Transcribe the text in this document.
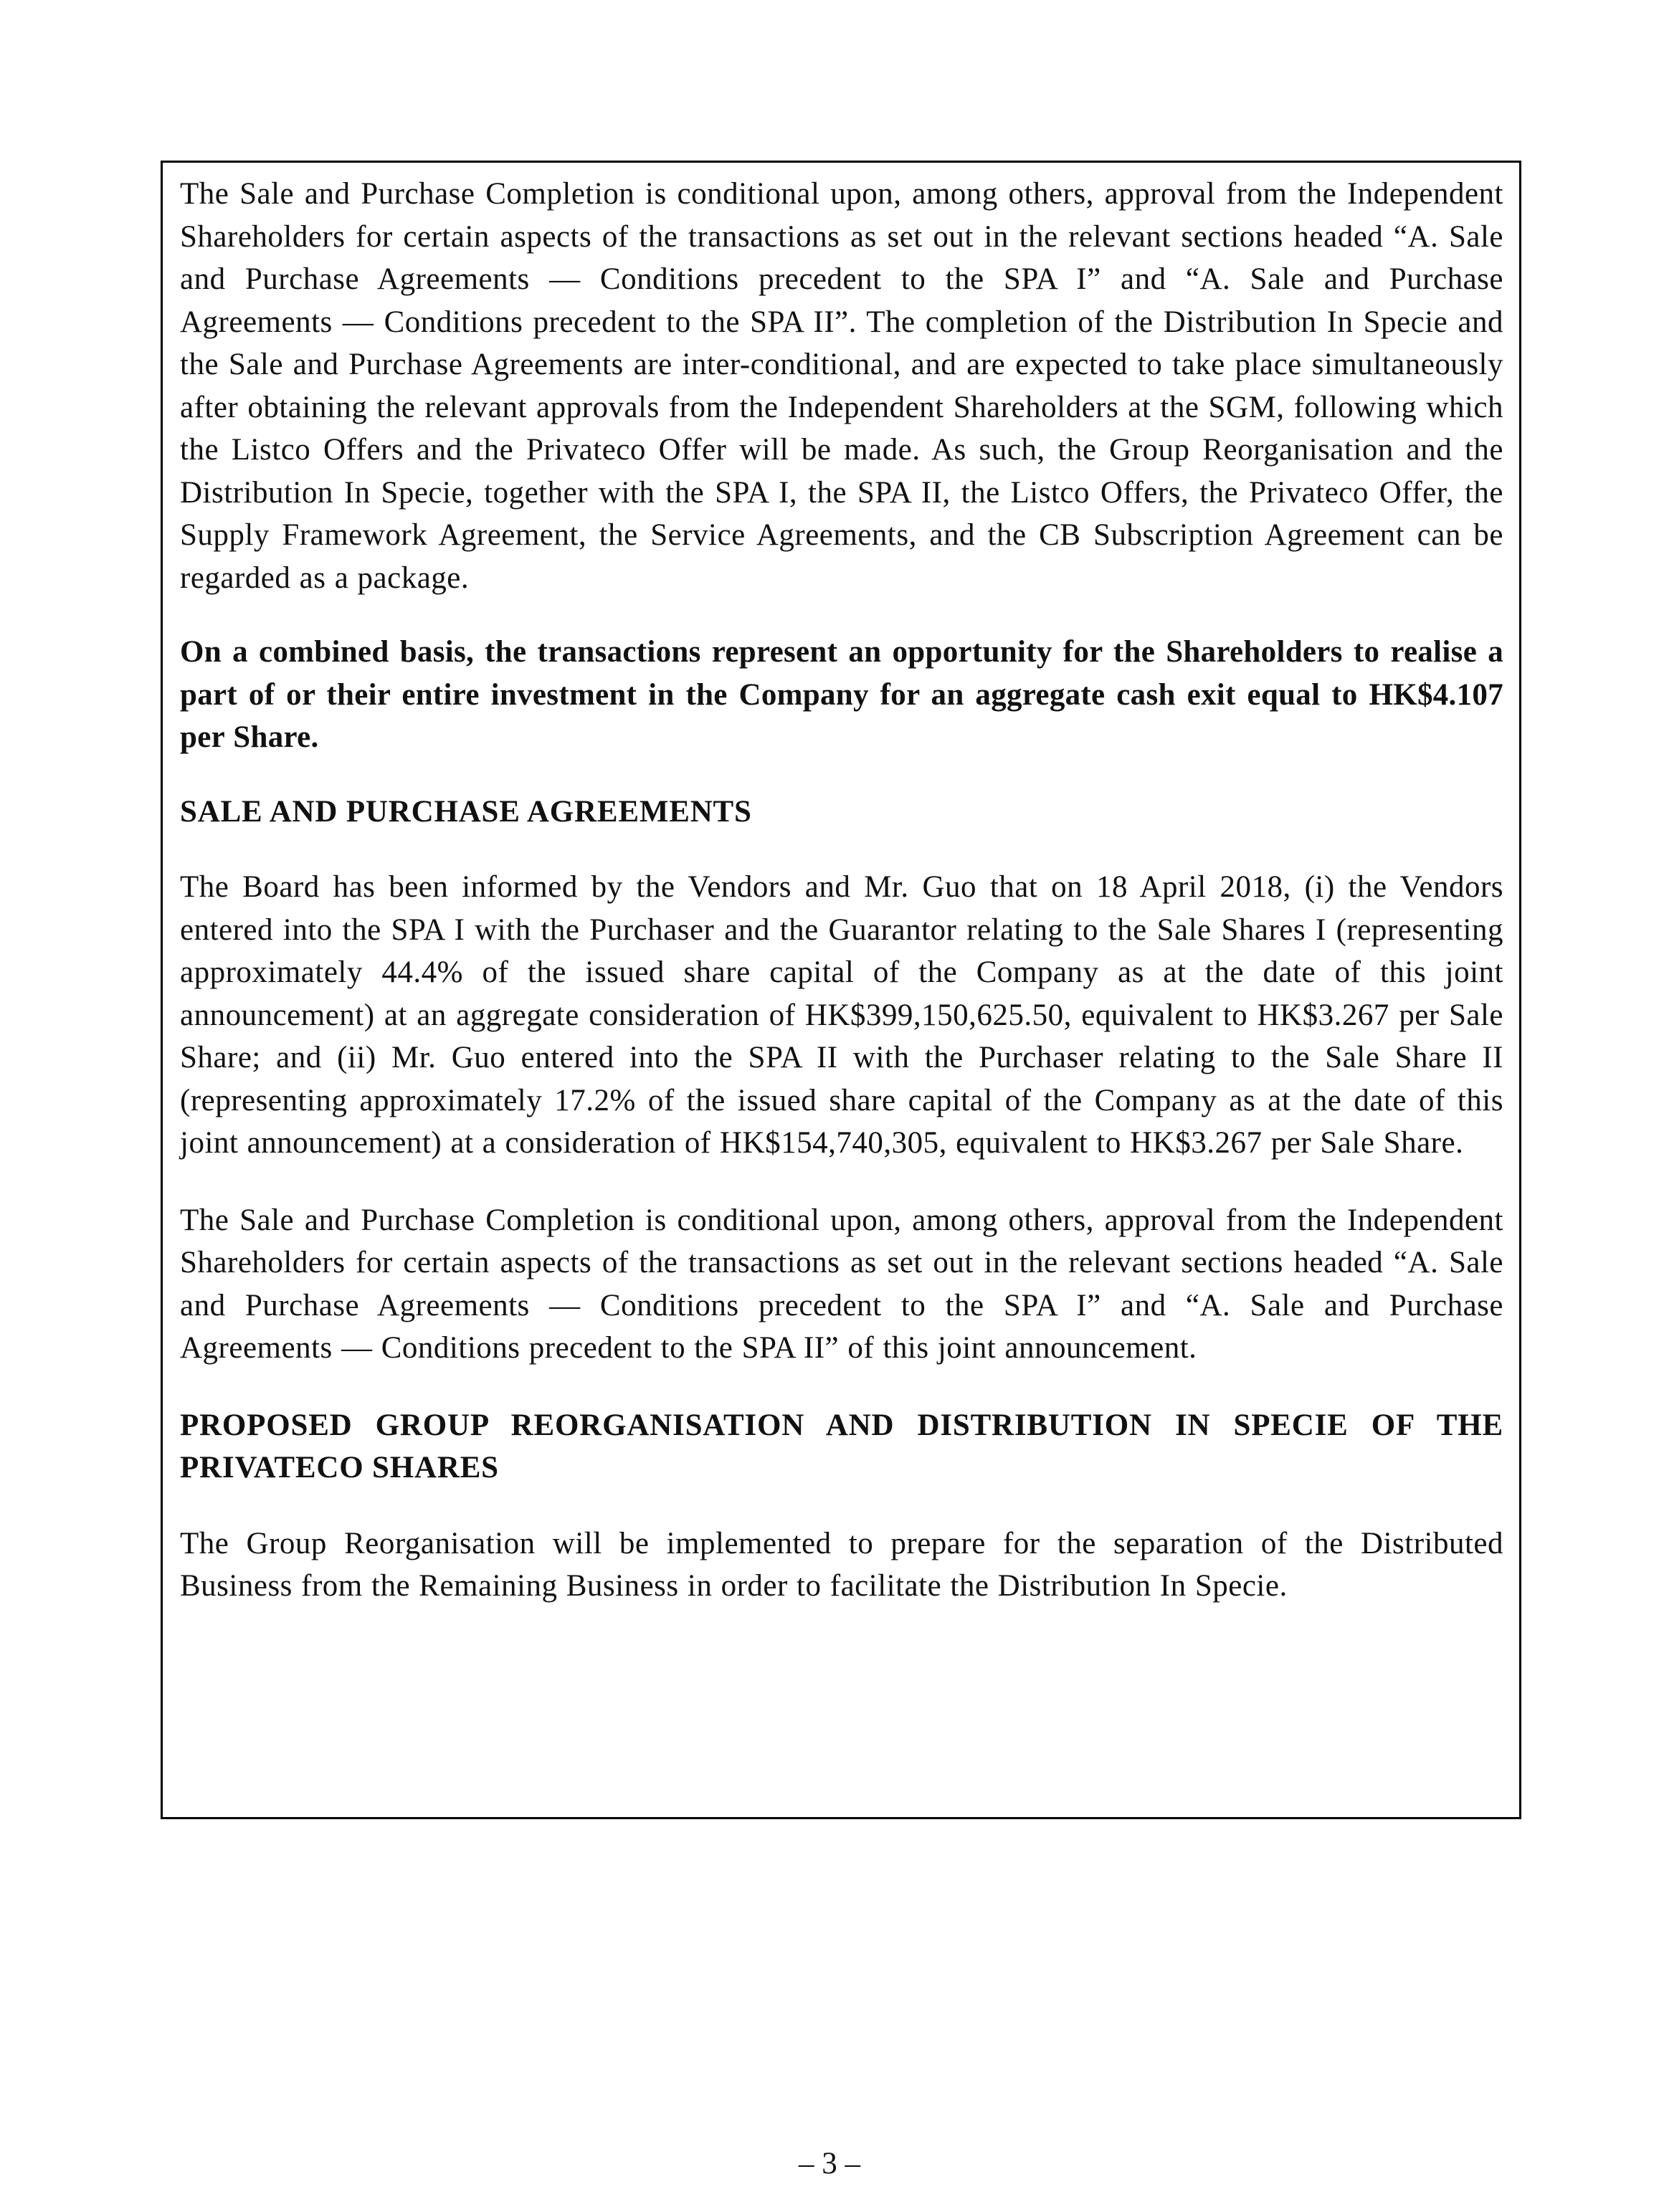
The Sale and Purchase Completion is conditional upon, among others, approval from the Independent Shareholders for certain aspects of the transactions as set out in the relevant sections headed “A. Sale and Purchase Agreements — Conditions precedent to the SPA I” and “A. Sale and Purchase Agreements — Conditions precedent to the SPA II”. The completion of the Distribution In Specie and the Sale and Purchase Agreements are inter-conditional, and are expected to take place simultaneously after obtaining the relevant approvals from the Independent Shareholders at the SGM, following which the Listco Offers and the Privateco Offer will be made. As such, the Group Reorganisation and the Distribution In Specie, together with the SPA I, the SPA II, the Listco Offers, the Privateco Offer, the Supply Framework Agreement, the Service Agreements, and the CB Subscription Agreement can be regarded as a package.

On a combined basis, the transactions represent an opportunity for the Shareholders to realise a part of or their entire investment in the Company for an aggregate cash exit equal to HK$4.107 per Share.

SALE AND PURCHASE AGREEMENTS

The Board has been informed by the Vendors and Mr. Guo that on 18 April 2018, (i) the Vendors entered into the SPA I with the Purchaser and the Guarantor relating to the Sale Shares I (representing approximately 44.4% of the issued share capital of the Company as at the date of this joint announcement) at an aggregate consideration of HK$399,150,625.50, equivalent to HK$3.267 per Sale Share; and (ii) Mr. Guo entered into the SPA II with the Purchaser relating to the Sale Share II (representing approximately 17.2% of the issued share capital of the Company as at the date of this joint announcement) at a consideration of HK$154,740,305, equivalent to HK$3.267 per Sale Share.

The Sale and Purchase Completion is conditional upon, among others, approval from the Independent Shareholders for certain aspects of the transactions as set out in the relevant sections headed “A. Sale and Purchase Agreements — Conditions precedent to the SPA I” and “A. Sale and Purchase Agreements — Conditions precedent to the SPA II” of this joint announcement.

PROPOSED GROUP REORGANISATION AND DISTRIBUTION IN SPECIE OF THE PRIVATECO SHARES

The Group Reorganisation will be implemented to prepare for the separation of the Distributed Business from the Remaining Business in order to facilitate the Distribution In Specie.

– 3 –
